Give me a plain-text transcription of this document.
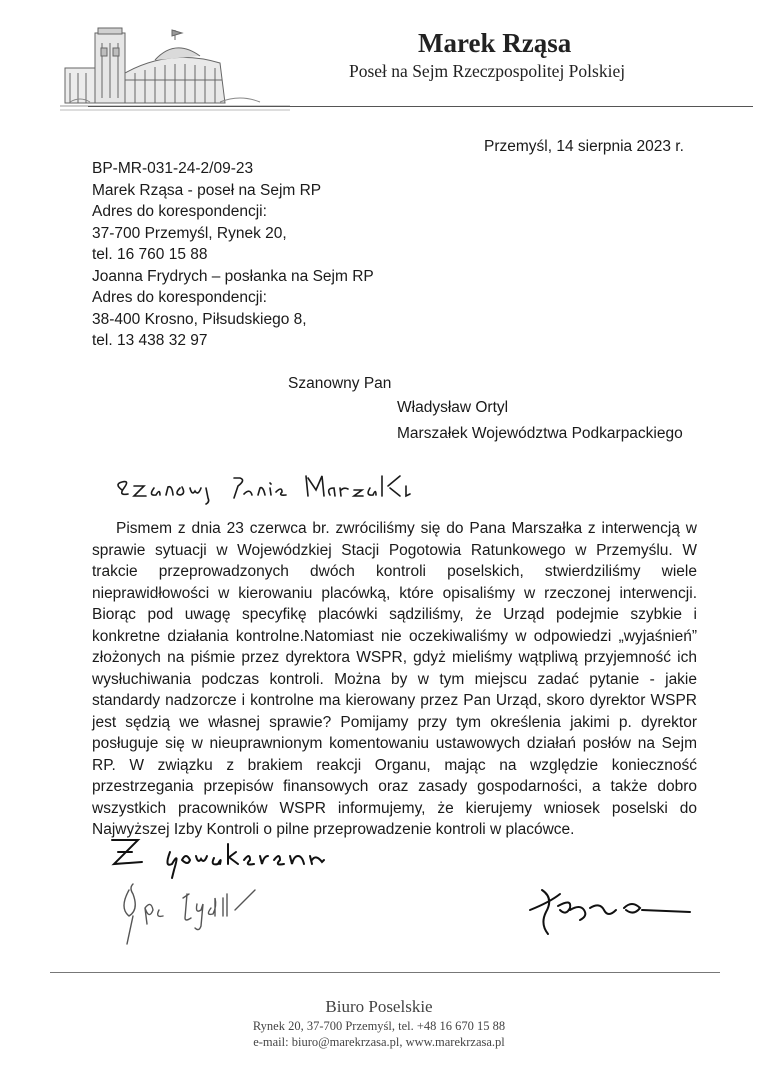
Marek Rząsa
Poseł na Sejm Rzeczpospolitej Polskiej
Przemyśl, 14 sierpnia 2023 r.
BP-MR-031-24-2/09-23
Marek Rząsa - poseł na Sejm RP
Adres do korespondencji:
37-700 Przemyśl, Rynek 20,
tel. 16 760 15 88
Joanna Frydrych – posłanka na Sejm RP
Adres do korespondencji:
38-400 Krosno, Piłsudskiego 8,
tel. 13 438 32 97
Szanowny Pan
Władysław Ortyl
Marszałek Województwa Podkarpackiego

Pismem z dnia 23 czerwca br. zwróciliśmy się do Pana Marszałka z interwencją w sprawie sytuacji w Wojewódzkiej Stacji Pogotowia Ratunkowego w Przemyślu. W trakcie przeprowadzonych dwóch kontroli poselskich, stwierdziliśmy wiele nieprawidłowości w kierowaniu placówką, które opisaliśmy w rzeczonej interwencji. Biorąc pod uwagę specyfikę placówki sądziliśmy, że Urząd podejmie szybkie i konkretne działania kontrolne.Natomiast nie oczekiwaliśmy w odpowiedzi „wyjaśnień” złożonych na piśmie przez dyrektora WSPR, gdyż mieliśmy wątpliwą przyjemność ich wysłuchiwania podczas kontroli. Można by w tym miejscu zadać pytanie - jakie standardy nadzorcze i kontrolne ma kierowany przez Pan Urząd, skoro dyrektor WSPR jest sędzią we własnej sprawie? Pomijamy przy tym określenia jakimi p. dyrektor posługuje się w nieuprawnionym komentowaniu ustawowych działań posłów na Sejm RP. W związku z brakiem reakcji Organu, mając na względzie konieczność przestrzegania przepisów finansowych oraz zasady gospodarności, a także dobro wszystkich pracowników WSPR informujemy, że kierujemy wniosek poselski do Najwyższej Izby Kontroli o pilne przeprowadzenie kontroli w placówce.

Biuro Poselskie
Rynek 20, 37-700 Przemyśl, tel. +48 16 670 15 88
e-mail: biuro@marekrzasa.pl, www.marekrzasa.pl
